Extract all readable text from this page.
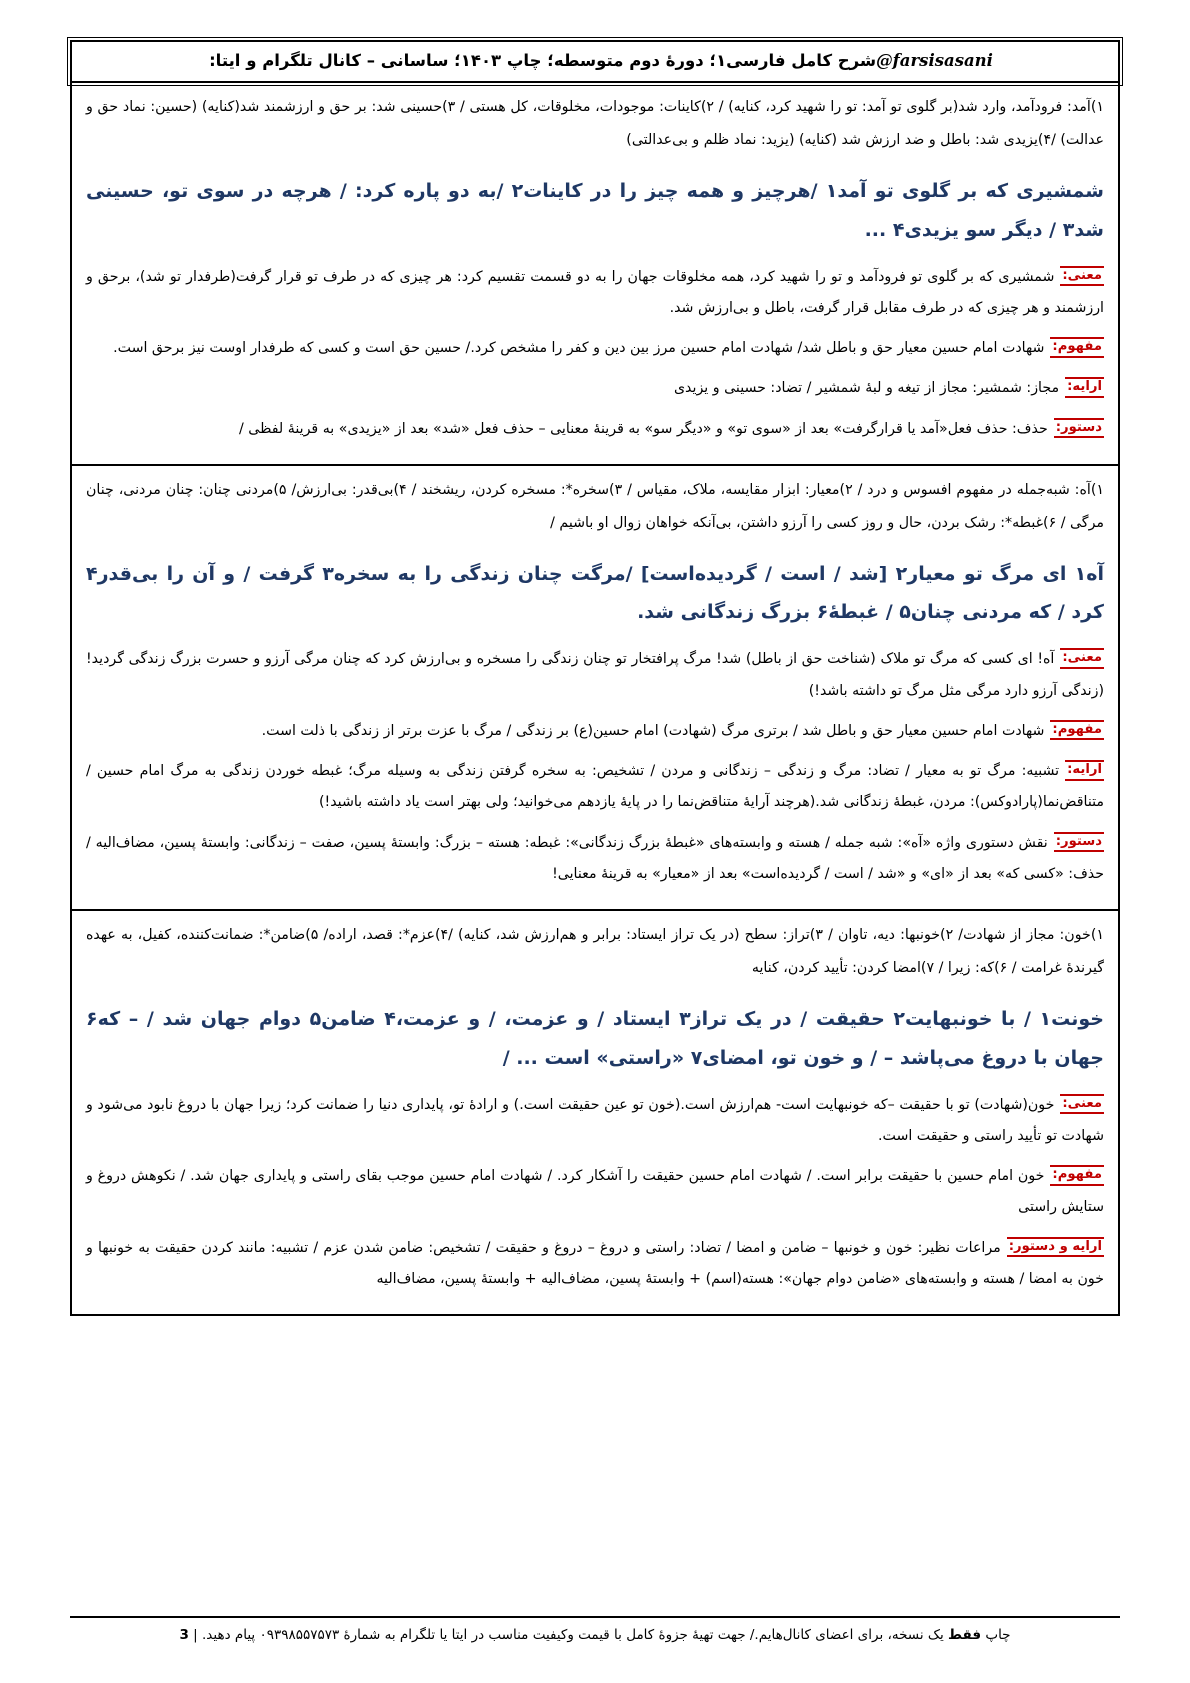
شرح کامل فارسی۱؛ دورهٔ دوم متوسطه؛ چاپ ۱۴۰۳؛ ساسانی – کانال تلگرام و ایتا: @farsisasani
۱)آمد: فرودآمد، وارد شد(بر گلوی تو آمد: تو را شهید کرد، کنایه) / ۲)کاینات: موجودات، مخلوقات، کل هستی / ۳)حسینی شد: بر حق و ارزشمند شد(کنایه) (حسین: نماد حق و عدالت) /۴)یزیدی شد: باطل و ضد ارزش شد (کنایه) (یزید: نماد ظلم و بی‌عدالتی)
شمشیری که بر گلوی تو آمد۱ /هرچیز و همه چیز را در کاینات۲ /به دو پاره کرد: / هرچه در سوی تو، حسینی شد۳ / دیگر سو یزیدی۴ ...
معنی:شمشیری که بر گلوی تو فرودآمد و تو را شهید کرد، همه مخلوقات جهان را به دو قسمت تقسیم کرد: هر چیزی که در طرف تو قرار گرفت(طرفدار تو شد)، برحق و ارزشمند و هر چیزی که در طرف مقابل قرار گرفت، باطل و بی‌ارزش شد.
مفهوم:شهادت امام حسین معیار حق و باطل شد/ شهادت امام حسین مرز بین دین و کفر را مشخص کرد./ حسین حق است و کسی که طرفدار اوست نیز برحق است.
آرایه:مجاز: شمشیر: مجاز از تیغه و لبهٔ شمشیر / تضاد: حسینی و یزیدی
دستور:حذف: حذف فعل«آمد یا قرارگرفت» بعد از «سوی تو» و «دیگر سو» به قرینهٔ معنایی – حذف فعل «شد» بعد از «یزیدی» به قرینهٔ لفظی /
۱)آه: شبه‌جمله در مفهوم افسوس و درد / ۲)معیار: ابزار مقایسه، ملاک، مقیاس / ۳)سخره*: مسخره کردن، ریشخند / ۴)بی‌قدر: بی‌ارزش/ ۵)مردنی چنان: چنان مردنی، چنان مرگی / ۶)غبطه*: رشک بردن، حال و روز کسی را آرزو داشتن، بی‌آنکه خواهان زوال او باشیم /
آه۱ ای مرگ تو معیار۲ [شد / است / گردیده‌است] /مرگت چنان زندگی را به سخره۳ گرفت / و آن را بی‌قدر۴ کرد / که مردنی چنان۵ / غبطهٔ۶ بزرگ زندگانی شد.
معنی:آه! ای کسی که مرگ تو ملاک (شناخت حق از باطل) شد! مرگ پرافتخار تو چنان زندگی را مسخره و بی‌ارزش کرد که چنان مرگی آرزو و حسرت بزرگ زندگی گردید! (زندگی آرزو دارد مرگی مثل مرگ تو داشته باشد!)
مفهوم:شهادت امام حسین معیار حق و باطل شد / برتری مرگ (شهادت) امام حسین(ع) بر زندگی / مرگ با عزت برتر از زندگی با ذلت است.
آرایه:تشبیه: مرگ تو به معیار / تضاد: مرگ و زندگی – زندگانی و مردن / تشخیص: به سخره گرفتن زندگی به وسیله مرگ؛ غبطه خوردن زندگی به مرگ امام حسین / متناقض‌نما(پارادوکس): مردن، غبطهٔ زندگانی شد.(هرچند آرایهٔ متناقض‌نما را در پایهٔ یازدهم می‌خوانید؛ ولی بهتر است یاد داشته باشید!)
دستور:نقش دستوری واژه «آه»: شبه جمله / هسته و وابسته‌های «غبطهٔ بزرگ زندگانی»: غبطه: هسته – بزرگ: وابستهٔ پسین، صفت – زندگانی: وابستهٔ پسین، مضاف‌الیه / حذف: «کسی که» بعد از «ای» و «شد / است / گردیده‌است» بعد از «معیار» به قرینهٔ معنایی!
۱)خون: مجاز از شهادت/ ۲)خونبها: دیه، تاوان / ۳)تراز: سطح (در یک تراز ایستاد: برابر و هم‌ارزش شد، کنایه) /۴)عزم*: قصد، اراده/ ۵)ضامن*: ضمانت‌کننده، کفیل، به عهده گیرندهٔ غرامت / ۶)که: زیرا / ۷)امضا کردن: تأیید کردن، کنایه
خونت۱ / با خونبهایت۲ حقیقت / در یک تراز۳ ایستاد / و عزمت، / و عزمت،۴ ضامن۵ دوام جهان شد / – که۶ جهان با دروغ می‌پاشد – / و خون تو، امضای۷ «راستی» است ... /
معنی:خون(شهادت) تو با حقیقت –که خونبهایت است- هم‌ارزش است.(خون تو عین حقیقت است.) و ارادهٔ تو، پایداری دنیا را ضمانت کرد؛ زیرا جهان با دروغ نابود می‌شود و شهادت تو تأیید راستی و حقیقت است.
مفهوم:خون امام حسین با حقیقت برابر است. / شهادت امام حسین حقیقت را آشکار کرد. / شهادت امام حسین موجب بقای راستی و پایداری جهان شد. / نکوهش دروغ و ستایش راستی
آرایه و دستور:مراعات نظیر: خون و خونبها – ضامن و امضا / تضاد: راستی و دروغ – دروغ و حقیقت / تشخیص: ضامن شدن عزم / تشبیه: مانند کردن حقیقت به خونبها و خون به امضا / هسته و وابسته‌های «ضامن دوام جهان»: هسته(اسم) + وابستهٔ پسین، مضاف‌الیه + وابستهٔ پسین، مضاف‌الیه
چاپ فقط یک نسخه، برای اعضای کانال‌هایم./ جهت تهیهٔ جزوهٔ کامل با قیمت وکیفیت مناسب در ایتا یا تلگرام به شمارهٔ ۰۹۳۹۸۵۵۷۵۷۳ پیام دهید. | 3
